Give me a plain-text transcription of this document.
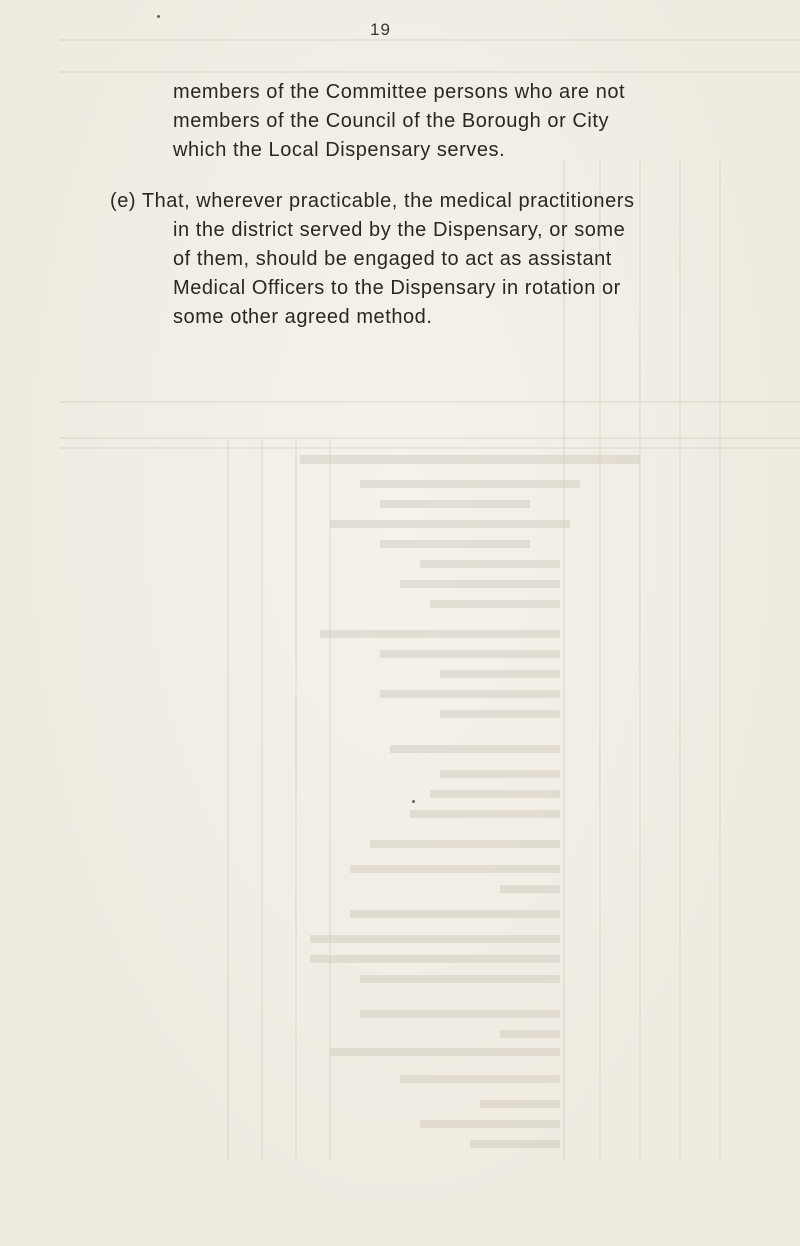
19
members of the Committee persons who are not
members of the Council of the Borough or City
which the Local Dispensary serves.
(e) That, wherever practicable, the medical practitioners
in the district served by the Dispensary, or some
of them, should be engaged to act as assistant
Medical Officers to the Dispensary in rotation or
some other agreed method.
